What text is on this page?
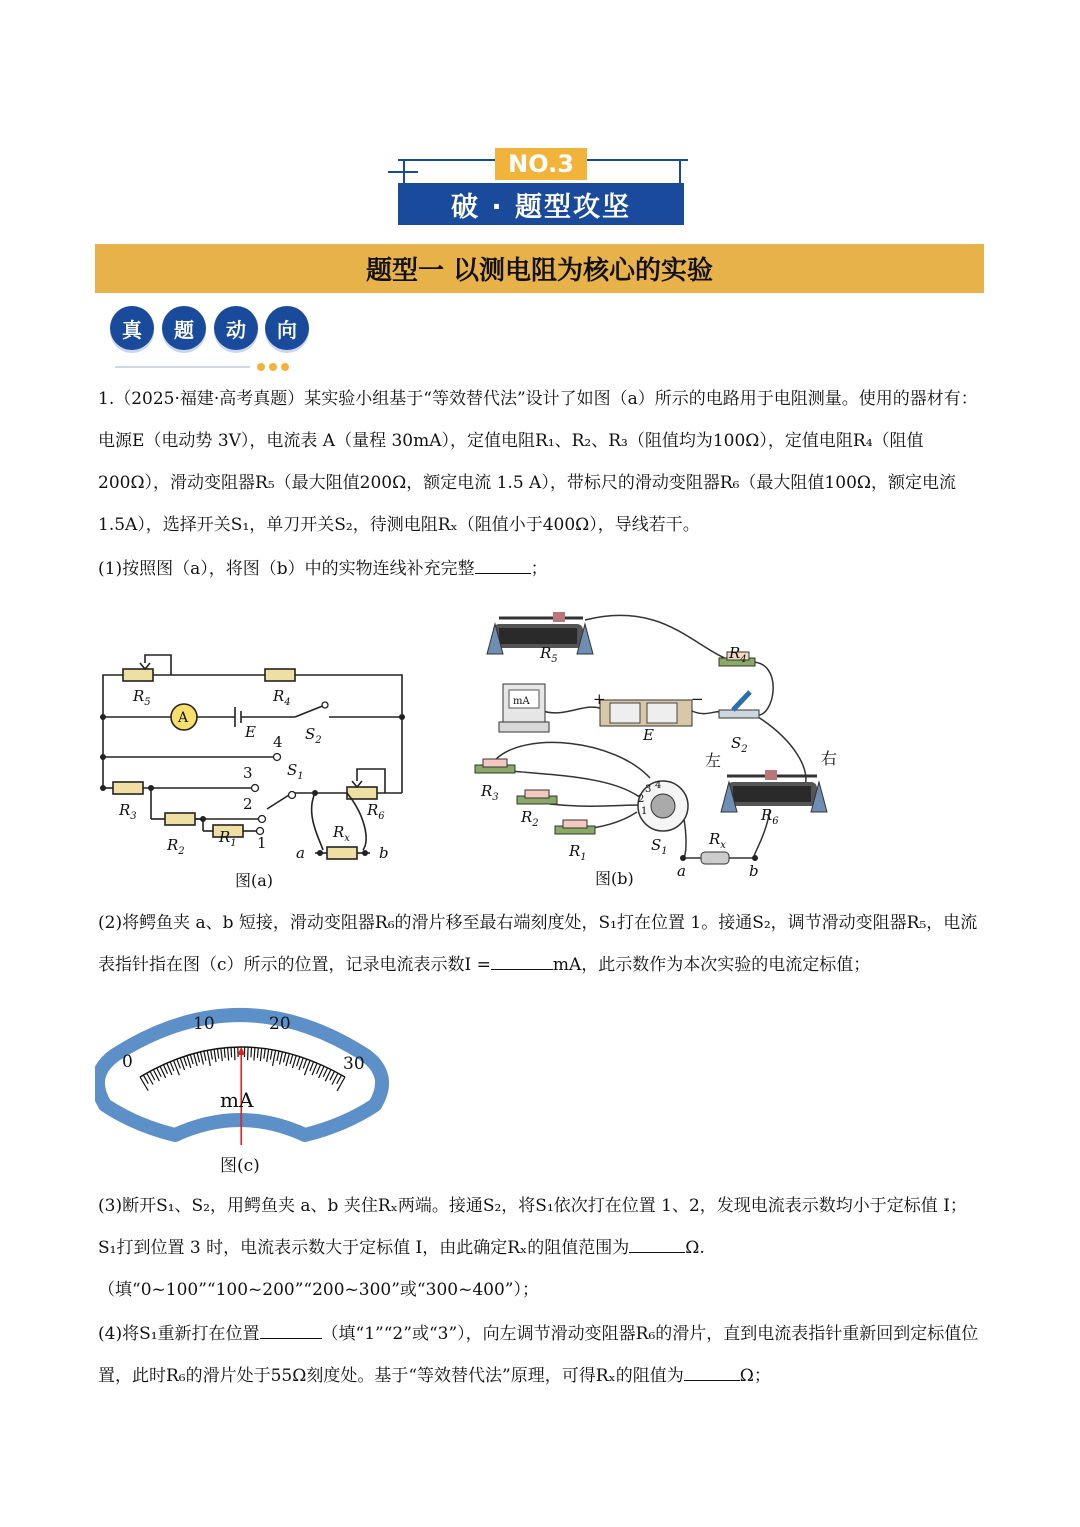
NO.3
破 · 题型攻坚
题型一 以测电阻为核心的实验
真	题	动	向
1.（2025·福建·高考真题）某实验小组基于“等效替代法”设计了如图（a）所示的电路用于电阻测量。使用的器材有：电源E（电动势 3V），电流表 A（量程 30mA），定值电阻R₁、R₂、R₃（阻值均为100Ω），定值电阻R₄（阻值200Ω），滑动变阻器R₅（最大阻值200Ω，额定电流 1.5 A），带标尺的滑动变阻器R₆（最大阻值100Ω，额定电流 1.5A），选择开关S₁，单刀开关S₂，待测电阻Rₓ（阻值小于400Ω），导线若干。
(1)按照图（a），将图（b）中的实物连线补充完整	；
$R_5$	$R_4$
A
E	$S_2$
4
3
2
1
$S_1$
$R_3$
$R_2$
$R_1$
$R_6$
$R_x$
a	b
图(a)
$R_5$	$R_4$
mA	+	−
E	$S_2$
左	右
$R_3$
$R_2$
$R_1$
$R_6$
$S_1$
$R_x$
a	b
1
2
3 4
图(b)
(2)将鳄鱼夹 a、b 短接，滑动变阻器R₆的滑片移至最右端刻度处，S₁打在位置 1。接通S₂，调节滑动变阻器R₅，电流表指针指在图（c）所示的位置，记录电流表示数I =	mA，此示数作为本次实验的电流定标值；
0
10	20
30
mA
图(c)
(3)断开S₁、S₂，用鳄鱼夹 a、b 夹住Rₓ两端。接通S₂，将S₁依次打在位置 1、2，发现电流表示数均小于定标值 I；S₁打到位置 3 时，电流表示数大于定标值 I，由此确定Rₓ的阻值范围为	Ω.（填“0~100”“100~200”“200~300”或“300~400”）；
(4)将S₁重新打在位置	（填“1”“2”或“3”），向左调节滑动变阻器R₆的滑片，直到电流表指针重新回到定标值位置，此时R₆的滑片处于55Ω刻度处。基于“等效替代法”原理，可得Rₓ的阻值为	Ω；
